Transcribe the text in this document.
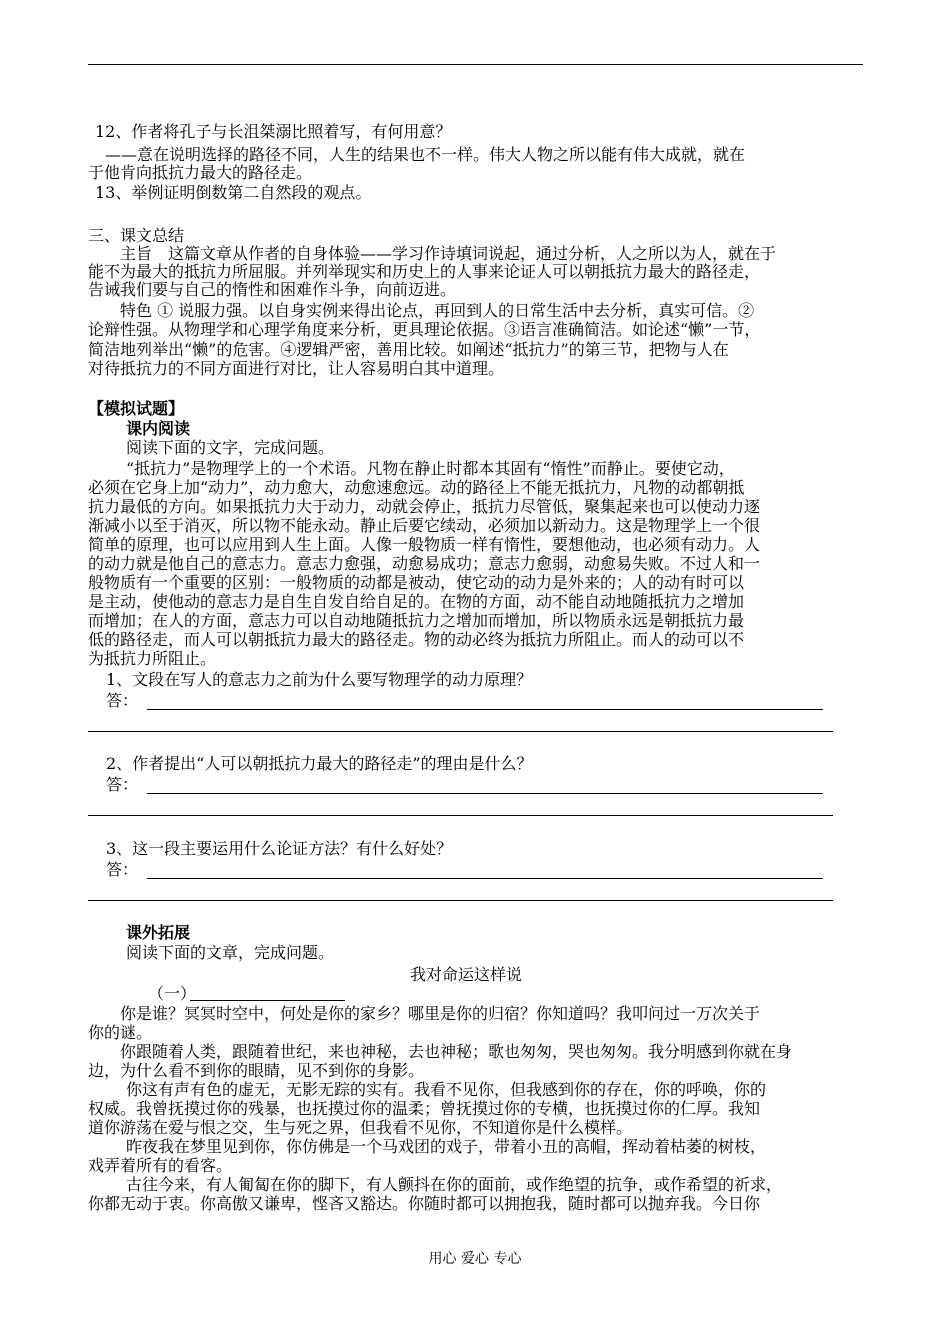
12、作者将孔子与长沮桀溺比照着写，有何用意？
——意在说明选择的路径不同，人生的结果也不一样。伟大人物之所以能有伟大成就，就在
于他肯向抵抗力最大的路径走。
13、举例证明倒数第二自然段的观点。
三、课文总结
主旨　这篇文章从作者的自身体验——学习作诗填词说起，通过分析，人之所以为人，就在于
能不为最大的抵抗力所屈服。并列举现实和历史上的人事来论证人可以朝抵抗力最大的路径走，
告诫我们要与自己的惰性和困难作斗争，向前迈进。
特色 ① 说服力强。以自身实例来得出论点，再回到人的日常生活中去分析，真实可信。②
论辩性强。从物理学和心理学角度来分析，更具理论依据。③语言准确简洁。如论述“懒”一节，
简洁地列举出“懒”的危害。④逻辑严密，善用比较。如阐述“抵抗力”的第三节，把物与人在
对待抵抗力的不同方面进行对比，让人容易明白其中道理。
【模拟试题】
课内阅读
阅读下面的文字，完成问题。
“抵抗力”是物理学上的一个术语。凡物在静止时都本其固有“惰性”而静止。要使它动，
必须在它身上加“动力”，动力愈大，动愈速愈远。动的路径上不能无抵抗力，凡物的动都朝抵
抗力最低的方向。如果抵抗力大于动力，动就会停止，抵抗力尽管低，聚集起来也可以使动力逐
渐减小以至于消灭，所以物不能永动。静止后要它续动，必须加以新动力。这是物理学上一个很
简单的原理，也可以应用到人生上面。人像一般物质一样有惰性，要想他动，也必须有动力。人
的动力就是他自己的意志力。意志力愈强，动愈易成功；意志力愈弱，动愈易失败。不过人和一
般物质有一个重要的区别：一般物质的动都是被动，使它动的动力是外来的；人的动有时可以
是主动，使他动的意志力是自生自发自给自足的。在物的方面，动不能自动地随抵抗力之增加
而增加；在人的方面，意志力可以自动地随抵抗力之增加而增加，所以物质永远是朝抵抗力最
低的路径走，而人可以朝抵抗力最大的路径走。物的动必终为抵抗力所阻止。而人的动可以不
为抵抗力所阻止。
1、文段在写人的意志力之前为什么要写物理学的动力原理？
答：
2、作者提出“人可以朝抵抗力最大的路径走”的理由是什么？
答：
3、这一段主要运用什么论证方法？有什么好处？
答：
课外拓展
阅读下面的文章，完成问题。
我对命运这样说
（一）
你是谁？冥冥时空中，何处是你的家乡？哪里是你的归宿？你知道吗？我叩问过一万次关于
你的谜。
你跟随着人类，跟随着世纪，来也神秘，去也神秘；歌也匆匆，哭也匆匆。我分明感到你就在身
边，为什么看不到你的眼睛，见不到你的身影。
你这有声有色的虚无，无影无踪的实有。我看不见你，但我感到你的存在，你的呼唤，你的
权威。我曾抚摸过你的残暴，也抚摸过你的温柔；曾抚摸过你的专横，也抚摸过你的仁厚。我知
道你游荡在爱与恨之交，生与死之界，但我看不见你，不知道你是什么模样。
昨夜我在梦里见到你，你仿佛是一个马戏团的戏子，带着小丑的高帽，挥动着枯萎的树枝，
戏弄着所有的看客。
古往今来，有人匍匐在你的脚下，有人颤抖在你的面前，或作绝望的抗争，或作希望的祈求，
你都无动于衷。你高傲又谦卑，悭吝又豁达。你随时都可以拥抱我，随时都可以抛弃我。今日你
用心 爱心 专心
